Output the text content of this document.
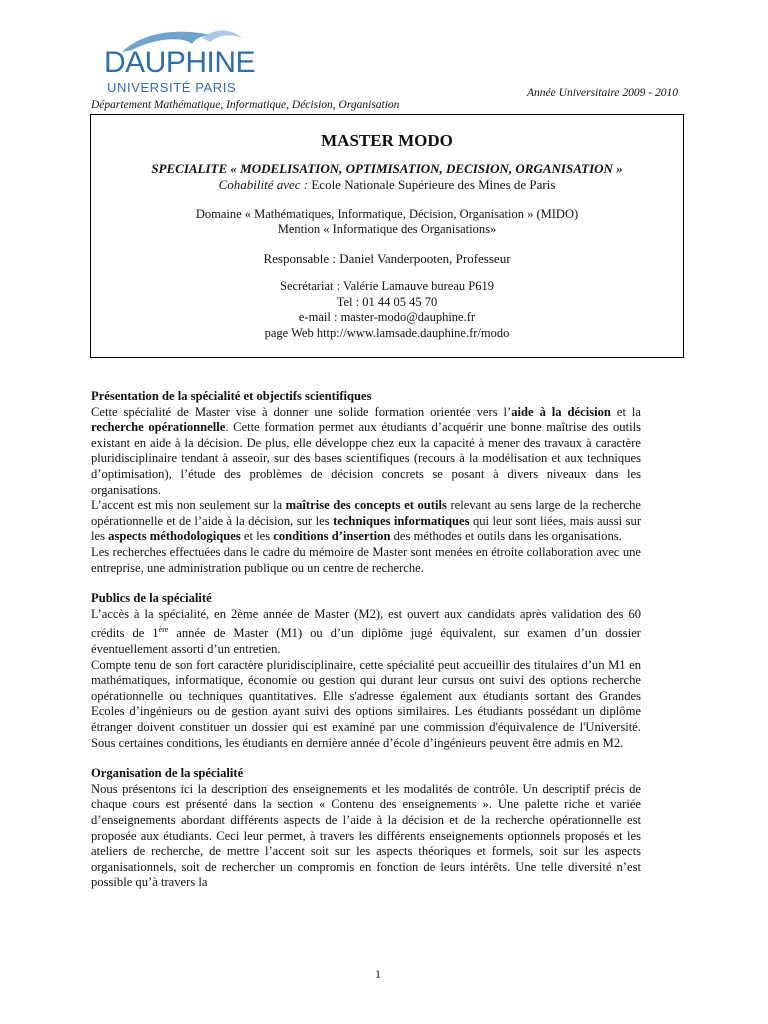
DAUPHINE
UNIVERSITÉ PARIS	Année Universitaire 2009 - 2010
Département Mathématique, Informatique, Décision, Organisation
MASTER MODO
SPECIALITE « MODELISATION, OPTIMISATION, DECISION, ORGANISATION »
Cohabilité avec : Ecole Nationale Supérieure des Mines de Paris
Domaine « Mathématiques, Informatique, Décision, Organisation » (MIDO)
Mention « Informatique des Organisations»
Responsable : Daniel Vanderpooten, Professeur
Secrétariat : Valérie Lamauve bureau P619
Tel : 01 44 05 45 70
e-mail : master-modo@dauphine.fr
page Web http://www.lamsade.dauphine.fr/modo
Présentation de la spécialité et objectifs scientifiques

Cette spécialité de Master vise à donner une solide formation orientée vers l’aide à la décision et la recherche opérationnelle. Cette formation permet aux étudiants d’acquérir une bonne maîtrise des outils existant en aide à la décision. De plus, elle développe chez eux la capacité à mener des travaux à caractère pluridisciplinaire tendant à asseoir, sur des bases scientifiques (recours à la modélisation et aux techniques d’optimisation), l’étude des problèmes de décision concrets se posant à divers niveaux dans les organisations.

L’accent est mis non seulement sur la maîtrise des concepts et outils relevant au sens large de la recherche opérationnelle et de l’aide à la décision, sur les techniques informatiques qui leur sont liées, mais aussi sur les aspects méthodologiques et les conditions d’insertion des méthodes et outils dans les organisations.

Les recherches effectuées dans le cadre du mémoire de Master sont menées en étroite collaboration avec une entreprise, une administration publique ou un centre de recherche.

Publics de la spécialité

L’accès à la spécialité, en 2ème année de Master (M2), est ouvert aux candidats après validation des 60 crédits de 1ère année de Master (M1) ou d’un diplôme jugé équivalent, sur examen d’un dossier éventuellement assorti d’un entretien.

Compte tenu de son fort caractère pluridisciplinaire, cette spécialité peut accueillir des titulaires d’un M1 en mathématiques, informatique, économie ou gestion qui durant leur cursus ont suivi des options recherche opérationnelle ou techniques quantitatives. Elle s'adresse également aux étudiants sortant des Grandes Ecoles d’ingénieurs ou de gestion ayant suivi des options similaires. Les étudiants possédant un diplôme étranger doivent constituer un dossier qui est examiné par une commission d'équivalence de l'Université. Sous certaines conditions, les étudiants en dernière année d’école d’ingénieurs peuvent être admis en M2.

Organisation de la spécialité

Nous présentons ici la description des enseignements et les modalités de contrôle. Un descriptif précis de chaque cours est présenté dans la section « Contenu des enseignements ». Une palette riche et variée d’enseignements abordant différents aspects de l’aide à la décision et de la recherche opérationnelle est proposée aux étudiants. Ceci leur permet, à travers les différents enseignements optionnels proposés et les ateliers de recherche, de mettre l’accent soit sur les aspects théoriques et formels, soit sur les aspects organisationnels, soit de rechercher un compromis en fonction de leurs intérêts. Une telle diversité n’est possible qu’à travers la

1
